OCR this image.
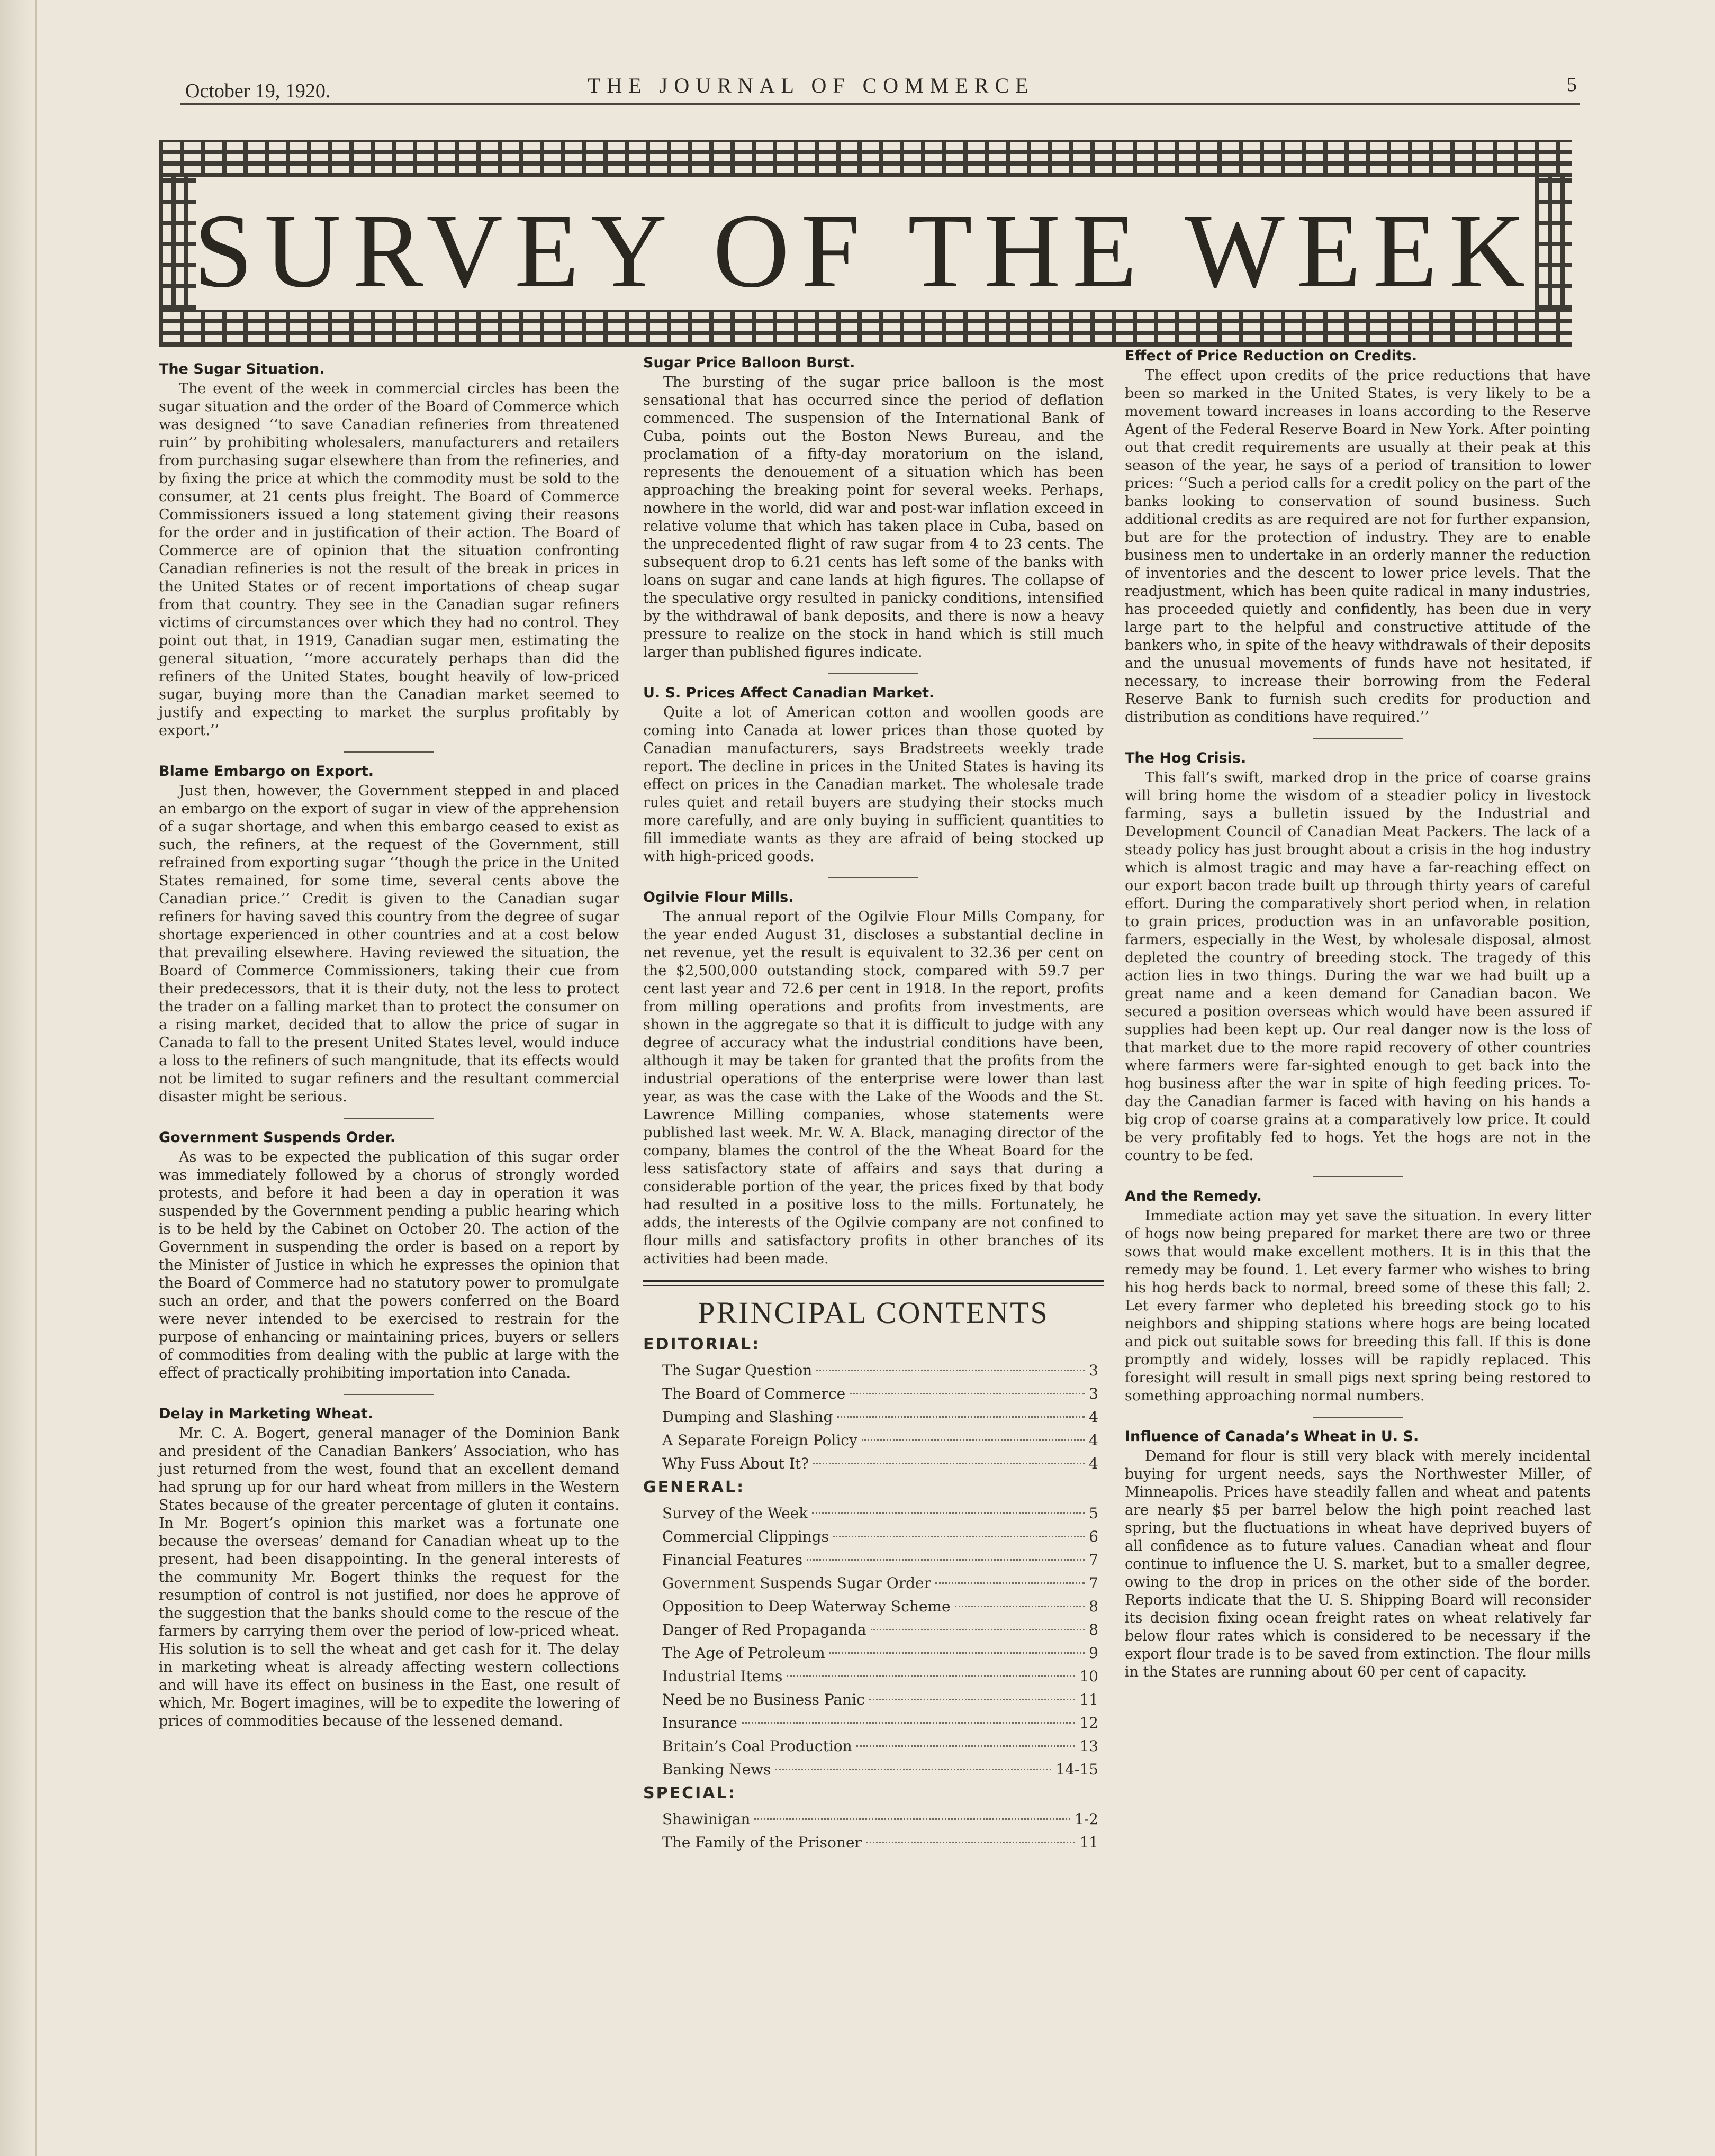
October 19, 1920.	THE JOURNAL OF COMMERCE	5
SURVEY OF THE WEEK
The Sugar Situation.

The event of the week in commercial circles has been the sugar situation and the order of the Board of Commerce which was designed ‘‘to save Canadian refineries from threatened ruin’’ by prohibiting wholesalers, manufacturers and retailers from purchasing sugar elsewhere than from the refineries, and by fixing the price at which the commodity must be sold to the consumer, at 21 cents plus freight. The Board of Commerce Commissioners issued a long statement giving their reasons for the order and in justification of their action. The Board of Commerce are of opinion that the situation confronting Canadian refineries is not the result of the break in prices in the United States or of recent importations of cheap sugar from that country. They see in the Canadian sugar refiners victims of circumstances over which they had no control. They point out that, in 1919, Canadian sugar men, estimating the general situation, ‘‘more accurately perhaps than did the refiners of the United States, bought heavily of low-priced sugar, buying more than the Canadian market seemed to justify and expecting to market the surplus profitably by export.’’

Blame Embargo on Export.

Just then, however, the Government stepped in and placed an embargo on the export of sugar in view of the apprehension of a sugar shortage, and when this embargo ceased to exist as such, the refiners, at the request of the Government, still refrained from exporting sugar ‘‘though the price in the United States remained, for some time, several cents above the Canadian price.’’ Credit is given to the Canadian sugar refiners for having saved this country from the degree of sugar shortage experienced in other countries and at a cost below that prevailing elsewhere. Having reviewed the situation, the Board of Commerce Commissioners, taking their cue from their predecessors, that it is their duty, not the less to protect the trader on a falling market than to protect the consumer on a rising market, decided that to allow the price of sugar in Canada to fall to the present United States level, would induce a loss to the refiners of such mangnitude, that its effects would not be limited to sugar refiners and the resultant commercial disaster might be serious.

Government Suspends Order.

As was to be expected the publication of this sugar order was immediately followed by a chorus of strongly worded protests, and before it had been a day in operation it was suspended by the Government pending a public hearing which is to be held by the Cabinet on October 20. The action of the Government in suspending the order is based on a report by the Minister of Justice in which he expresses the opinion that the Board of Commerce had no statutory power to promulgate such an order, and that the powers conferred on the Board were never intended to be exercised to restrain for the purpose of enhancing or maintaining prices, buyers or sellers of commodities from dealing with the public at large with the effect of practically prohibiting importation into Canada.

Delay in Marketing Wheat.

Mr. C. A. Bogert, general manager of the Dominion Bank and president of the Canadian Bankers’ Association, who has just returned from the west, found that an excellent demand had sprung up for our hard wheat from millers in the Western States because of the greater percentage of gluten it contains. In Mr. Bogert’s opinion this market was a fortunate one because the overseas’ demand for Canadian wheat up to the present, had been disappointing. In the general interests of the community Mr. Bogert thinks the request for the resumption of control is not justified, nor does he approve of the suggestion that the banks should come to the rescue of the farmers by carrying them over the period of low-priced wheat. His solution is to sell the wheat and get cash for it. The delay in marketing wheat is already affecting western collections and will have its effect on business in the East, one result of which, Mr. Bogert imagines, will be to expedite the lowering of prices of commodities because of the lessened demand.

Sugar Price Balloon Burst.

The bursting of the sugar price balloon is the most sensational that has occurred since the period of deflation commenced. The suspension of the International Bank of Cuba, points out the Boston News Bureau, and the proclamation of a fifty-day moratorium on the island, represents the denouement of a situation which has been approaching the breaking point for several weeks. Perhaps, nowhere in the world, did war and post-war inflation exceed in relative volume that which has taken place in Cuba, based on the unprecedented flight of raw sugar from 4 to 23 cents. The subsequent drop to 6.21 cents has left some of the banks with loans on sugar and cane lands at high figures. The collapse of the speculative orgy resulted in panicky conditions, intensified by the withdrawal of bank deposits, and there is now a heavy pressure to realize on the stock in hand which is still much larger than published figures indicate.

U. S. Prices Affect Canadian Market.

Quite a lot of American cotton and woollen goods are coming into Canada at lower prices than those quoted by Canadian manufacturers, says Bradstreets weekly trade report. The decline in prices in the United States is having its effect on prices in the Canadian market. The wholesale trade rules quiet and retail buyers are studying their stocks much more carefully, and are only buying in sufficient quantities to fill immediate wants as they are afraid of being stocked up with high-priced goods.

Ogilvie Flour Mills.

The annual report of the Ogilvie Flour Mills Company, for the year ended August 31, discloses a substantial decline in net revenue, yet the result is equivalent to 32.36 per cent on the $2,500,000 outstanding stock, compared with 59.7 per cent last year and 72.6 per cent in 1918. In the report, profits from milling operations and profits from investments, are shown in the aggregate so that it is difficult to judge with any degree of accuracy what the industrial conditions have been, although it may be taken for granted that the profits from the industrial operations of the enterprise were lower than last year, as was the case with the Lake of the Woods and the St. Lawrence Milling companies, whose statements were published last week. Mr. W. A. Black, managing director of the company, blames the control of the the Wheat Board for the less satisfactory state of affairs and says that during a considerable portion of the year, the prices fixed by that body had resulted in a positive loss to the mills. Fortunately, he adds, the interests of the Ogilvie company are not confined to flour mills and satisfactory profits in other branches of its activities had been made.

PRINCIPAL CONTENTS
EDITORIAL:
The Sugar Question	3
The Board of Commerce	3
Dumping and Slashing	4
A Separate Foreign Policy	4
Why Fuss About It?	4
GENERAL:
Survey of the Week	5
Commercial Clippings	6
Financial Features	7
Government Suspends Sugar Order	7
Opposition to Deep Waterway Scheme	8
Danger of Red Propaganda	8
The Age of Petroleum	9
Industrial Items	10
Need be no Business Panic	11
Insurance	12
Britain’s Coal Production	13
Banking News	14-15
SPECIAL:
Shawinigan	1-2
The Family of the Prisoner	11
Effect of Price Reduction on Credits.

The effect upon credits of the price reductions that have been so marked in the United States, is very likely to be a movement toward increases in loans according to the Reserve Agent of the Federal Reserve Board in New York. After pointing out that credit requirements are usually at their peak at this season of the year, he says of a period of transition to lower prices: ‘‘Such a period calls for a credit policy on the part of the banks looking to conservation of sound business. Such additional credits as are required are not for further expansion, but are for the protection of industry. They are to enable business men to undertake in an orderly manner the reduction of inventories and the descent to lower price levels. That the readjustment, which has been quite radical in many industries, has proceeded quietly and confidently, has been due in very large part to the helpful and constructive attitude of the bankers who, in spite of the heavy withdrawals of their deposits and the unusual movements of funds have not hesitated, if necessary, to increase their borrowing from the Federal Reserve Bank to furnish such credits for production and distribution as conditions have required.’’

The Hog Crisis.

This fall’s swift, marked drop in the price of coarse grains will bring home the wisdom of a steadier policy in livestock farming, says a bulletin issued by the Industrial and Development Council of Canadian Meat Packers. The lack of a steady policy has just brought about a crisis in the hog industry which is almost tragic and may have a far-reaching effect on our export bacon trade built up through thirty years of careful effort. During the comparatively short period when, in relation to grain prices, production was in an unfavorable position, farmers, especially in the West, by wholesale disposal, almost depleted the country of breeding stock. The tragedy of this action lies in two things. During the war we had built up a great name and a keen demand for Canadian bacon. We secured a position overseas which would have been assured if supplies had been kept up. Our real danger now is the loss of that market due to the more rapid recovery of other countries where farmers were far-sighted enough to get back into the hog business after the war in spite of high feeding prices. To-day the Canadian farmer is faced with having on his hands a big crop of coarse grains at a comparatively low price. It could be very profitably fed to hogs. Yet the hogs are not in the country to be fed.

And the Remedy.

Immediate action may yet save the situation. In every litter of hogs now being prepared for market there are two or three sows that would make excellent mothers. It is in this that the remedy may be found. 1. Let every farmer who wishes to bring his hog herds back to normal, breed some of these this fall; 2. Let every farmer who depleted his breeding stock go to his neighbors and shipping stations where hogs are being located and pick out suitable sows for breeding this fall. If this is done promptly and widely, losses will be rapidly replaced. This foresight will result in small pigs next spring being restored to something approaching normal numbers.

Influence of Canada’s Wheat in U. S.

Demand for flour is still very black with merely incidental buying for urgent needs, says the Northwester Miller, of Minneapolis. Prices have steadily fallen and wheat and patents are nearly $5 per barrel below the high point reached last spring, but the fluctuations in wheat have deprived buyers of all confidence as to future values. Canadian wheat and flour continue to influence the U. S. market, but to a smaller degree, owing to the drop in prices on the other side of the border. Reports indicate that the U. S. Shipping Board will reconsider its decision fixing ocean freight rates on wheat relatively far below flour rates which is considered to be necessary if the export flour trade is to be saved from extinction. The flour mills in the States are running about 60 per cent of capacity.
